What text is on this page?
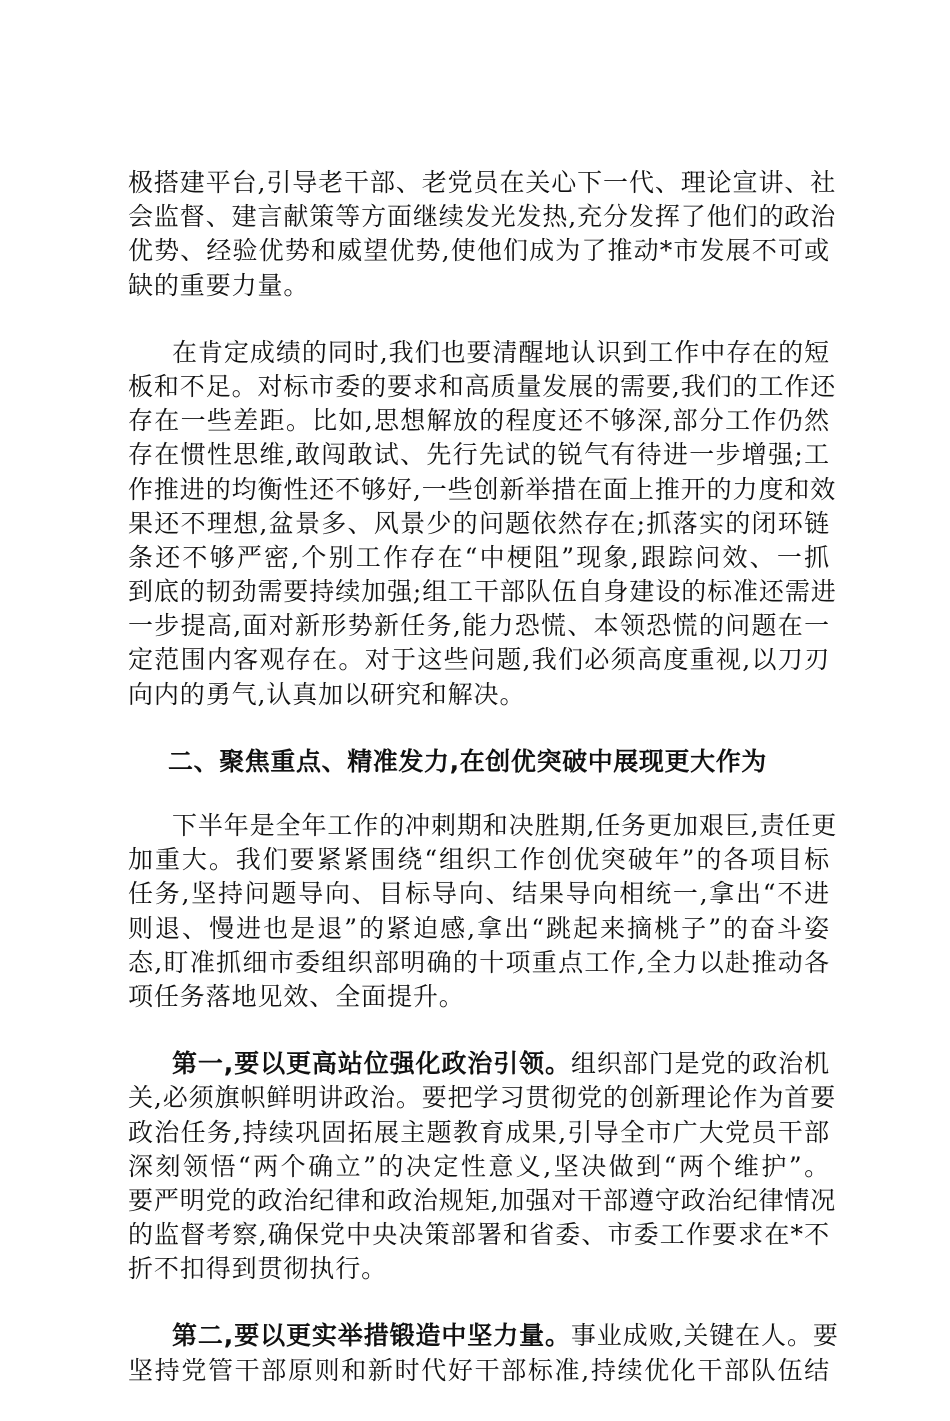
极搭建平台,引导老干部、老党员在关心下一代、理论宣讲、社
会监督、建言献策等方面继续发光发热,充分发挥了他们的政治
优势、经验优势和威望优势,使他们成为了推动*市发展不可或
缺的重要力量。
在肯定成绩的同时,我们也要清醒地认识到工作中存在的短
板和不足。对标市委的要求和高质量发展的需要,我们的工作还
存在一些差距。比如,思想解放的程度还不够深,部分工作仍然
存在惯性思维,敢闯敢试、先行先试的锐气有待进一步增强;工
作推进的均衡性还不够好,一些创新举措在面上推开的力度和效
果还不理想,盆景多、风景少的问题依然存在;抓落实的闭环链
条还不够严密,个别工作存在“中梗阻”现象,跟踪问效、一抓
到底的韧劲需要持续加强;组工干部队伍自身建设的标准还需进
一步提高,面对新形势新任务,能力恐慌、本领恐慌的问题在一
定范围内客观存在。对于这些问题,我们必须高度重视,以刀刃
向内的勇气,认真加以研究和解决。
二、聚焦重点、精准发力,在创优突破中展现更大作为
下半年是全年工作的冲刺期和决胜期,任务更加艰巨,责任更
加重大。我们要紧紧围绕“组织工作创优突破年”的各项目标
任务,坚持问题导向、目标导向、结果导向相统一,拿出“不进
则退、慢进也是退”的紧迫感,拿出“跳起来摘桃子”的奋斗姿
态,盯准抓细市委组织部明确的十项重点工作,全力以赴推动各
项任务落地见效、全面提升。
第一,要以更高站位强化政治引领。组织部门是党的政治机
关,必须旗帜鲜明讲政治。要把学习贯彻党的创新理论作为首要
政治任务,持续巩固拓展主题教育成果,引导全市广大党员干部
深刻领悟“两个确立”的决定性意义,坚决做到“两个维护”。
要严明党的政治纪律和政治规矩,加强对干部遵守政治纪律情况
的监督考察,确保党中央决策部署和省委、市委工作要求在*不
折不扣得到贯彻执行。
第二,要以更实举措锻造中坚力量。事业成败,关键在人。要
坚持党管干部原则和新时代好干部标准,持续优化干部队伍结
